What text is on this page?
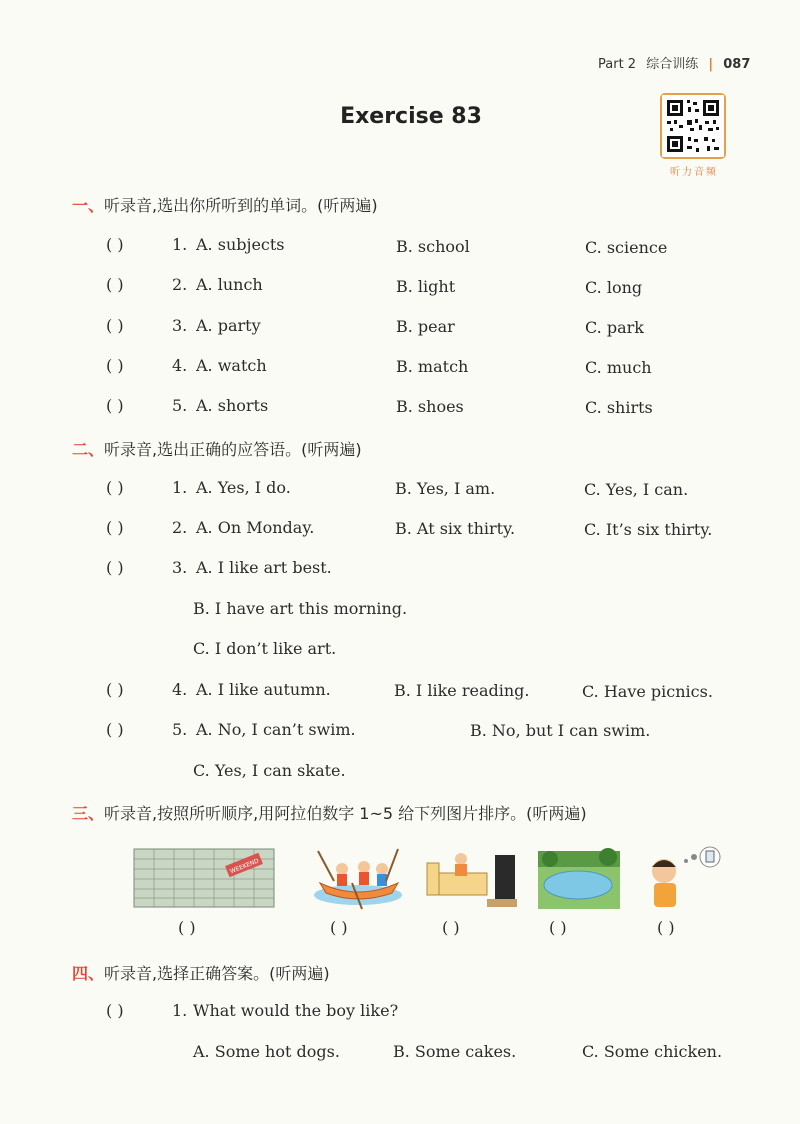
Part 2 综合训练 | 087
Exercise 83
听力音频
一、听录音,选出你所听到的单词。(听两遍)
( )	1. A. subjects	B. school	C. science
( )	2. A. lunch	B. light	C. long
( )	3. A. party	B. pear	C. park
( )	4. A. watch	B. match	C. much
( )	5. A. shorts	B. shoes	C. shirts
二、听录音,选出正确的应答语。(听两遍)
( )	1. A. Yes, I do.	B. Yes, I am.	C. Yes, I can.
( )	2. A. On Monday.	B. At six thirty.	C. It’s six thirty.
( )	3. A. I like art best.
B. I have art this morning.
C. I don’t like art.
( )	4. A. I like autumn.	B. I like reading.	C. Have picnics.
( )	5. A. No, I can’t swim.	B. No, but I can swim.
C. Yes, I can skate.
三、听录音,按照所听顺序,用阿拉伯数字 1~5 给下列图片排序。(听两遍)
WEEKEND
( )	( )	( )	( )	( )
四、听录音,选择正确答案。(听两遍)
( )	1. What would the boy like?
A. Some hot dogs.	B. Some cakes.	C. Some chicken.
